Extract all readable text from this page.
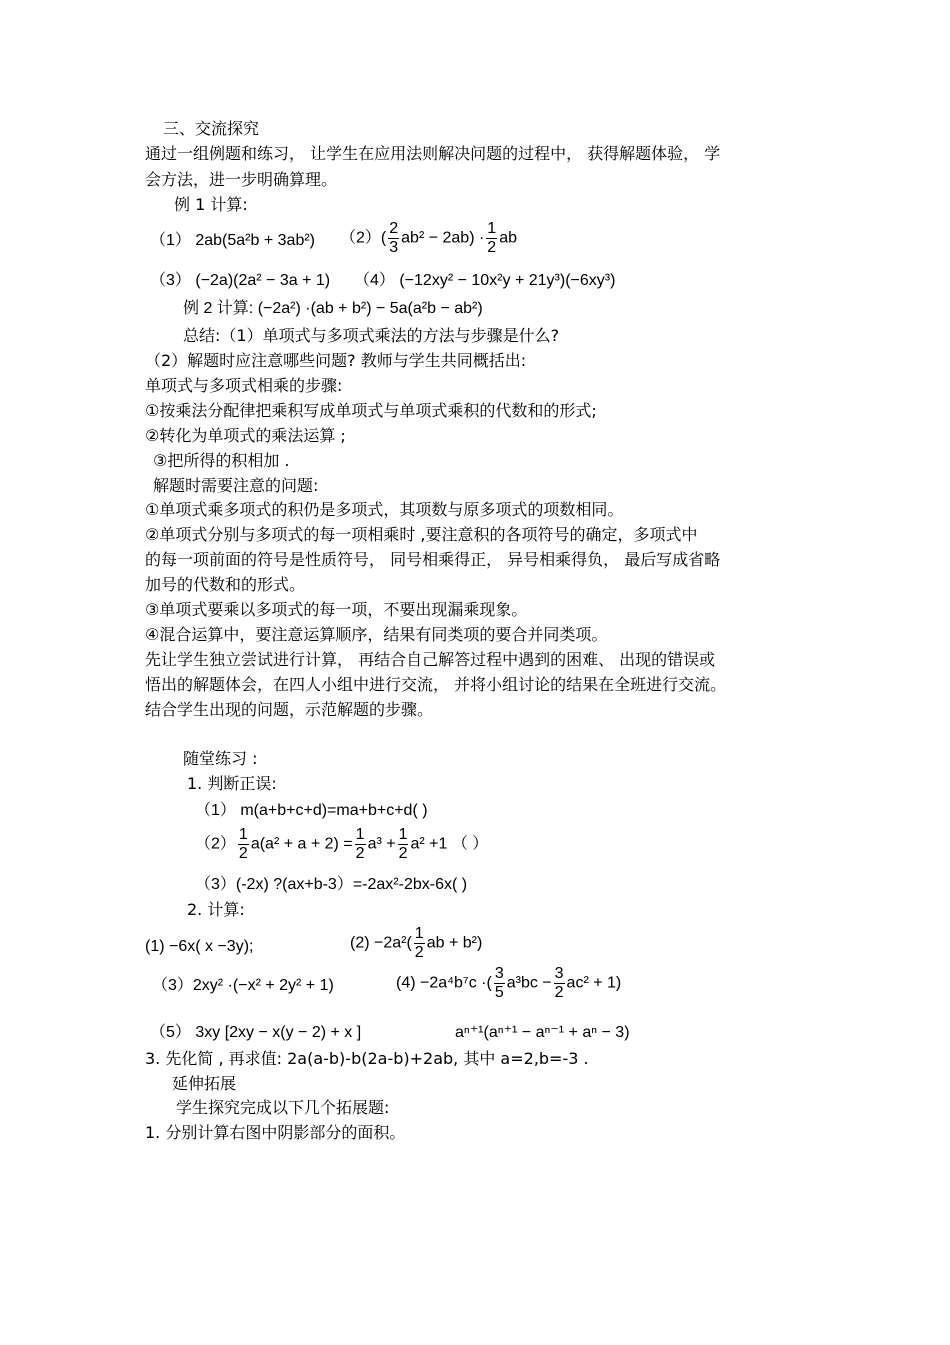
三、交流探究
通过一组例题和练习， 让学生在应用法则解决问题的过程中， 获得解题体验， 学
会方法，进一步明确算理。
例 1 计算:
（1） 2ab(5a²b + 3ab²) $(2)( \frac{2}{3} ab^2 - 2ab) \cdot \frac{1}{2}$ ab
（3） (−2a)(2a² − 3a + 1) （4） (−12xy² − 10x²y + 21y³)(−6xy³)
例 2 计算: (−2a²) ·(ab + b²) − 5a(a²b − ab²)
总结:（1）单项式与多项式乘法的方法与步骤是什么?
（2）解题时应注意哪些问题? 教师与学生共同概括出:
单项式与多项式相乘的步骤:
①按乘法分配律把乘积写成单项式与单项式乘积的代数和的形式;
②转化为单项式的乘法运算 ;
③把所得的积相加 .
解题时需要注意的问题:
①单项式乘多项式的积仍是多项式，其项数与原多项式的项数相同。
②单项式分别与多项式的每一项相乘时 ,要注意积的各项符号的确定，多项式中
的每一项前面的符号是性质符号， 同号相乘得正， 异号相乘得负， 最后写成省略
加号的代数和的形式。
③单项式要乘以多项式的每一项，不要出现漏乘现象。
④混合运算中，要注意运算顺序，结果有同类项的要合并同类项。
先让学生独立尝试进行计算， 再结合自己解答过程中遇到的困难、 出现的错误或
悟出的解题体会，在四人小组中进行交流， 并将小组讨论的结果在全班进行交流。
结合学生出现的问题，示范解题的步骤。
随堂练习 :
1. 判断正误:
（1） m(a+b+c+d)=ma+b+c+d( )
$(2) \frac{1}{2} a(a^2 + a + 2) = \frac{1}{2} a^3 + \frac{1}{2} a^2 +1$ （ ）
（3）(-2x) ?(ax+b-3）=-2ax²-2bx-6x( )
2. 计算:
(1) −6x( x −3y);	$(2) -2a^2( \frac{1}{2}$ ab + b²)
（3）2xy² ·(−x² + 2y² + 1)	(4) −2a⁴b⁷c ·( $\frac{3}{5} a^3bc - \frac{3}{2} ac^2 + 1$)
（5） 3xy [2xy − x(y − 2) + x ]	aⁿ⁺¹(aⁿ⁺¹ − aⁿ⁻¹ + aⁿ − 3)
3. 先化简 , 再求值: 2a(a-b)-b(2a-b)+2ab, 其中 a=2,b=-3 .
延伸拓展
学生探究完成以下几个拓展题:
1. 分别计算右图中阴影部分的面积。
